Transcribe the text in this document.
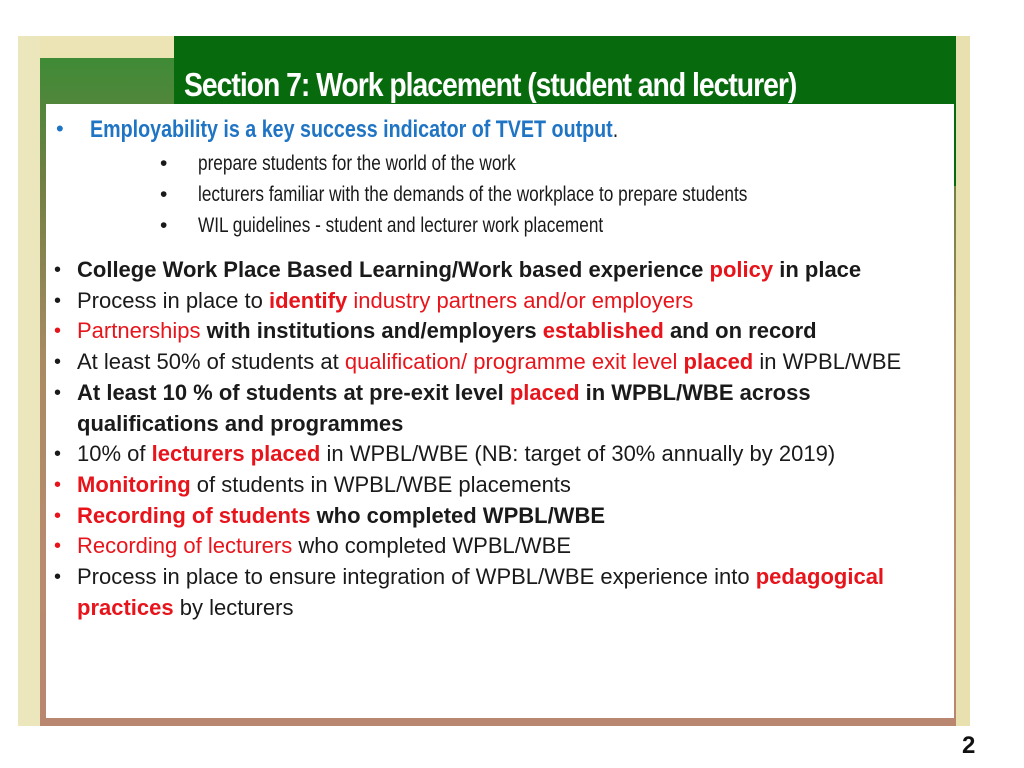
Section 7: Work placement (student and lecturer)
• Employability is a key success indicator of TVET output.
•	prepare students for the world of the work
•	lecturers familiar with the demands of the workplace to prepare students
•	WIL guidelines - student and lecturer work placement
• College Work Place Based Learning/Work based experience policy in place
• Process in place to identify industry partners and/or employers
• Partnerships with institutions and/employers established and on record
• At least 50% of students at qualification/ programme exit level placed in WPBL/WBE
• At least 10 % of students at pre-exit level placed in WPBL/WBE across qualifications and programmes
• 10% of lecturers placed in WPBL/WBE (NB: target of 30% annually by 2019)
• Monitoring of students in WPBL/WBE placements
• Recording of students who completed WPBL/WBE
• Recording of lecturers who completed WPBL/WBE
• Process in place to ensure integration of WPBL/WBE experience into pedagogical practices by lecturers
2
